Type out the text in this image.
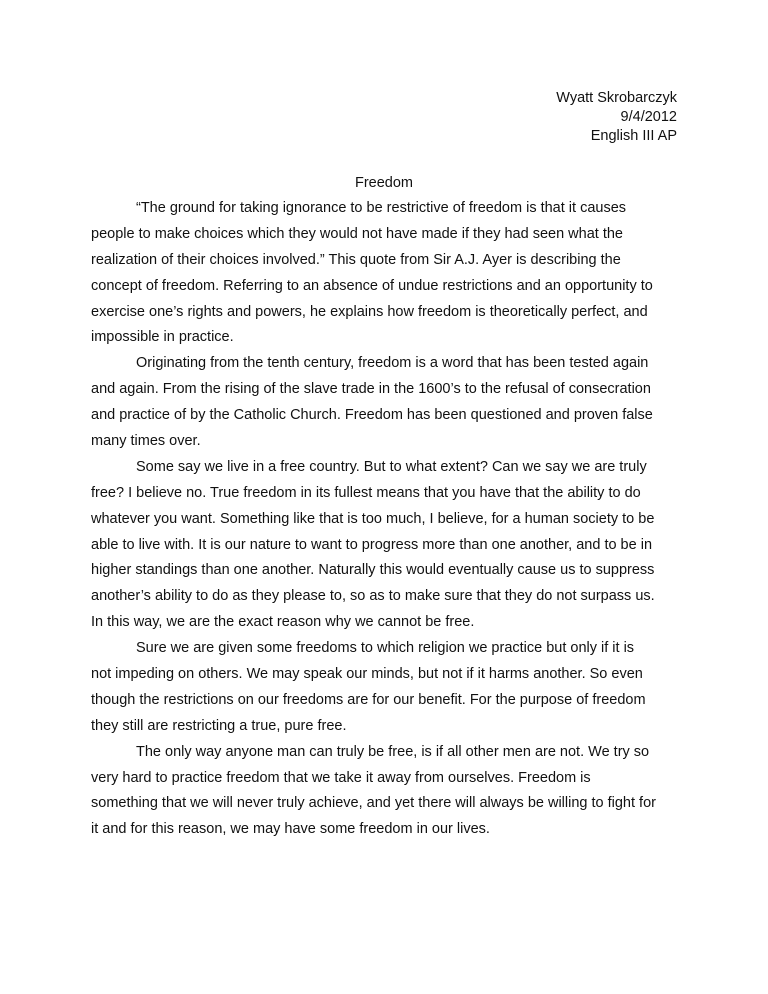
Wyatt Skrobarczyk
9/4/2012
English III AP
Freedom
“The ground for taking ignorance to be restrictive of freedom is that it causes
people to make choices which they would not have made if they had seen what the
realization of their choices involved.” This quote from Sir A.J. Ayer is describing the
concept of freedom. Referring to an absence of undue restrictions and an opportunity to
exercise one’s rights and powers, he explains how freedom is theoretically perfect, and
impossible in practice.
Originating from the tenth century, freedom is a word that has been tested again
and again. From the rising of the slave trade in the 1600’s to the refusal of consecration
and practice of by the Catholic Church. Freedom has been questioned and proven false
many times over.
Some say we live in a free country. But to what extent? Can we say we are truly
free? I believe no. True freedom in its fullest means that you have that the ability to do
whatever you want. Something like that is too much, I believe, for a human society to be
able to live with. It is our nature to want to progress more than one another, and to be in
higher standings than one another. Naturally this would eventually cause us to suppress
another’s ability to do as they please to, so as to make sure that they do not surpass us.
In this way, we are the exact reason why we cannot be free.
Sure we are given some freedoms to which religion we practice but only if it is
not impeding on others. We may speak our minds, but not if it harms another. So even
though the restrictions on our freedoms are for our benefit. For the purpose of freedom
they still are restricting a true, pure free.
The only way anyone man can truly be free, is if all other men are not. We try so
very hard to practice freedom that we take it away from ourselves. Freedom is
something that we will never truly achieve, and yet there will always be willing to fight for
it and for this reason, we may have some freedom in our lives.
